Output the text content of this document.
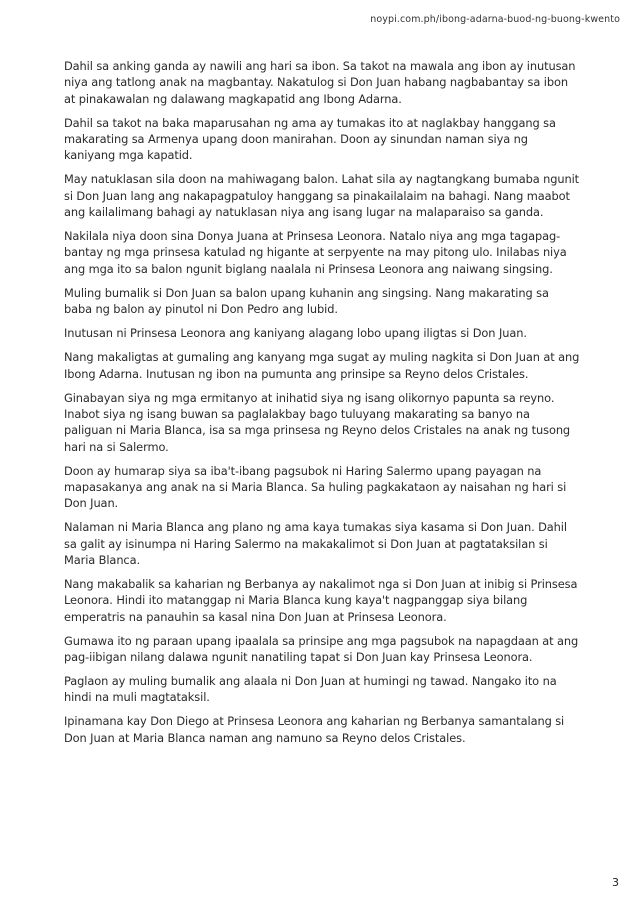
noypi.com.ph/ibong-adarna-buod-ng-buong-kwento

Dahil sa anking ganda ay nawili ang hari sa ibon. Sa takot na mawala ang ibon ay inutusan niya ang tatlong anak na magbantay. Nakatulog si Don Juan habang nagbabantay sa ibon at pinakawalan ng dalawang magkapatid ang Ibong Adarna.

Dahil sa takot na baka maparusahan ng ama ay tumakas ito at naglakbay hanggang sa makarating sa Armenya upang doon manirahan. Doon ay sinundan naman siya ng kaniyang mga kapatid.

May natuklasan sila doon na mahiwagang balon. Lahat sila ay nagtangkang bumaba ngunit si Don Juan lang ang nakapagpatuloy hanggang sa pinakailalaim na bahagi. Nang maabot ang kailalimang bahagi ay natuklasan niya ang isang lugar na malaparaiso sa ganda.

Nakilala niya doon sina Donya Juana at Prinsesa Leonora. Natalo niya ang mga tagapag-bantay ng mga prinsesa katulad ng higante at serpyente na may pitong ulo. Inilabas niya ang mga ito sa balon ngunit biglang naalala ni Prinsesa Leonora ang naiwang singsing.

Muling bumalik si Don Juan sa balon upang kuhanin ang singsing. Nang makarating sa baba ng balon ay pinutol ni Don Pedro ang lubid.

Inutusan ni Prinsesa Leonora ang kaniyang alagang lobo upang iligtas si Don Juan.

Nang makaligtas at gumaling ang kanyang mga sugat ay muling nagkita si Don Juan at ang Ibong Adarna. Inutusan ng ibon na pumunta ang prinsipe sa Reyno delos Cristales.

Ginabayan siya ng mga ermitanyo at inihatid siya ng isang olikornyo papunta sa reyno. Inabot siya ng isang buwan sa paglalakbay bago tuluyang makarating sa banyo na paliguan ni Maria Blanca, isa sa mga prinsesa ng Reyno delos Cristales na anak ng tusong hari na si Salermo.

Doon ay humarap siya sa iba't-ibang pagsubok ni Haring Salermo upang payagan na mapasakanya ang anak na si Maria Blanca. Sa huling pagkakataon ay naisahan ng hari si Don Juan.

Nalaman ni Maria Blanca ang plano ng ama kaya tumakas siya kasama si Don Juan. Dahil sa galit ay isinumpa ni Haring Salermo na makakalimot si Don Juan at pagtataksilan si Maria Blanca.

Nang makabalik sa kaharian ng Berbanya ay nakalimot nga si Don Juan at inibig si Prinsesa Leonora. Hindi ito matanggap ni Maria Blanca kung kaya't nagpanggap siya bilang emperatris na panauhin sa kasal nina Don Juan at Prinsesa Leonora.

Gumawa ito ng paraan upang ipaalala sa prinsipe ang mga pagsubok na napagdaan at ang pag-iibigan nilang dalawa ngunit nanatiling tapat si Don Juan kay Prinsesa Leonora.

Paglaon ay muling bumalik ang alaala ni Don Juan at humingi ng tawad. Nangako ito na hindi na muli magtataksil.

Ipinamana kay Don Diego at Prinsesa Leonora ang kaharian ng Berbanya samantalang si Don Juan at Maria Blanca naman ang namuno sa Reyno delos Cristales.

3
